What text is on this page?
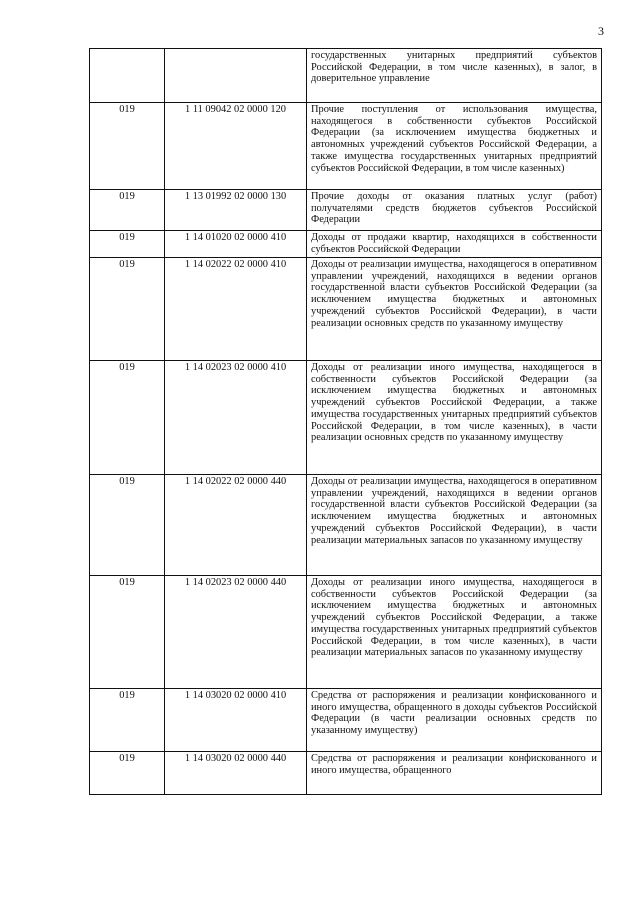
3
		государственных унитарных предприятий субъектов Российской Федерации, в том числе казенных), в залог, в доверительное управление
019	1 11 09042 02 0000 120	Прочие поступления от использования имущества, находящегося в собственности субъектов Российской Федерации (за исключением имущества бюджетных и автономных учреждений субъектов Российской Федерации, а также имущества государственных унитарных предприятий субъектов Российской Федерации, в том числе казенных)
019	1 13 01992 02 0000 130	Прочие доходы от оказания платных услуг (работ) получателями средств бюджетов субъектов Российской Федерации
019	1 14 01020 02 0000 410	Доходы от продажи квартир, находящихся в собственности субъектов Российской Федерации
019	1 14 02022 02 0000 410	Доходы от реализации имущества, находящегося в оперативном управлении учреждений, находящихся в ведении органов государственной власти субъектов Российской Федерации (за исключением имущества бюджетных и автономных учреждений субъектов Российской Федерации), в части реализации основных средств по указанному имуществу
019	1 14 02023 02 0000 410	Доходы от реализации иного имущества, находящегося в собственности субъектов Российской Федерации (за исключением имущества бюджетных и автономных учреждений субъектов Российской Федерации, а также имущества государственных унитарных предприятий субъектов Российской Федерации, в том числе казенных), в части реализации основных средств по указанному имуществу
019	1 14 02022 02 0000 440	Доходы от реализации имущества, находящегося в оперативном управлении учреждений, находящихся в ведении органов государственной власти субъектов Российской Федерации (за исключением имущества бюджетных и автономных учреждений субъектов Российской Федерации), в части реализации материальных запасов по указанному имуществу
019	1 14 02023 02 0000 440	Доходы от реализации иного имущества, находящегося в собственности субъектов Российской Федерации (за исключением имущества бюджетных и автономных учреждений субъектов Российской Федерации, а также имущества государственных унитарных предприятий субъектов Российской Федерации, в том числе казенных), в части реализации материальных запасов по указанному имуществу
019	1 14 03020 02 0000 410	Средства от распоряжения и реализации конфискованного и иного имущества, обращенного в доходы субъектов Российской Федерации (в части реализации основных средств по указанному имуществу)
019	1 14 03020 02 0000 440	Средства от распоряжения и реализации конфискованного и иного имущества, обращенного
